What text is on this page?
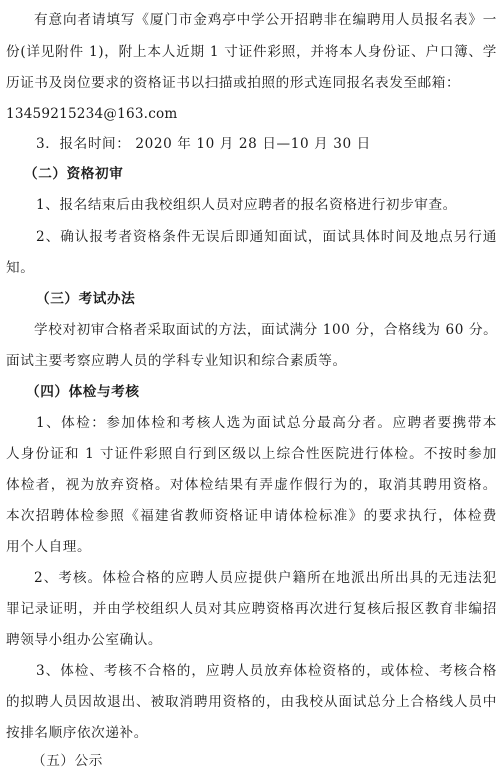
有意向者请填写《厦门市金鸡亭中学公开招聘非在编聘用人员报名表》一
份(详见附件 1)，附上本人近期 1 寸证件彩照，并将本人身份证、户口簿、学
历证书及岗位要求的资格证书以扫描或拍照的形式连同报名表发至邮箱：
13459215234@163.com
3．报名时间： 2020 年 10 月 28 日—10 月 30 日
（二）资格初审
1、报名结束后由我校组织人员对应聘者的报名资格进行初步审查。
2、确认报考者资格条件无误后即通知面试，面试具体时间及地点另行通
知。
（三）考试办法
学校对初审合格者采取面试的方法，面试满分 100 分，合格线为 60 分。
面试主要考察应聘人员的学科专业知识和综合素质等。
（四）体检与考核
1、体检：参加体检和考核人选为面试总分最高分者。应聘者要携带本
人身份证和 1 寸证件彩照自行到区级以上综合性医院进行体检。不按时参加
体检者，视为放弃资格。对体检结果有弄虚作假行为的，取消其聘用资格。
本次招聘体检参照《福建省教师资格证申请体检标准》的要求执行，体检费
用个人自理。
2、考核。体检合格的应聘人员应提供户籍所在地派出所出具的无违法犯
罪记录证明，并由学校组织人员对其应聘资格再次进行复核后报区教育非编招
聘领导小组办公室确认。
3、体检、考核不合格的，应聘人员放弃体检资格的，或体检、考核合格
的拟聘人员因故退出、被取消聘用资格的，由我校从面试总分上合格线人员中
按排名顺序依次递补。
（五）公示
